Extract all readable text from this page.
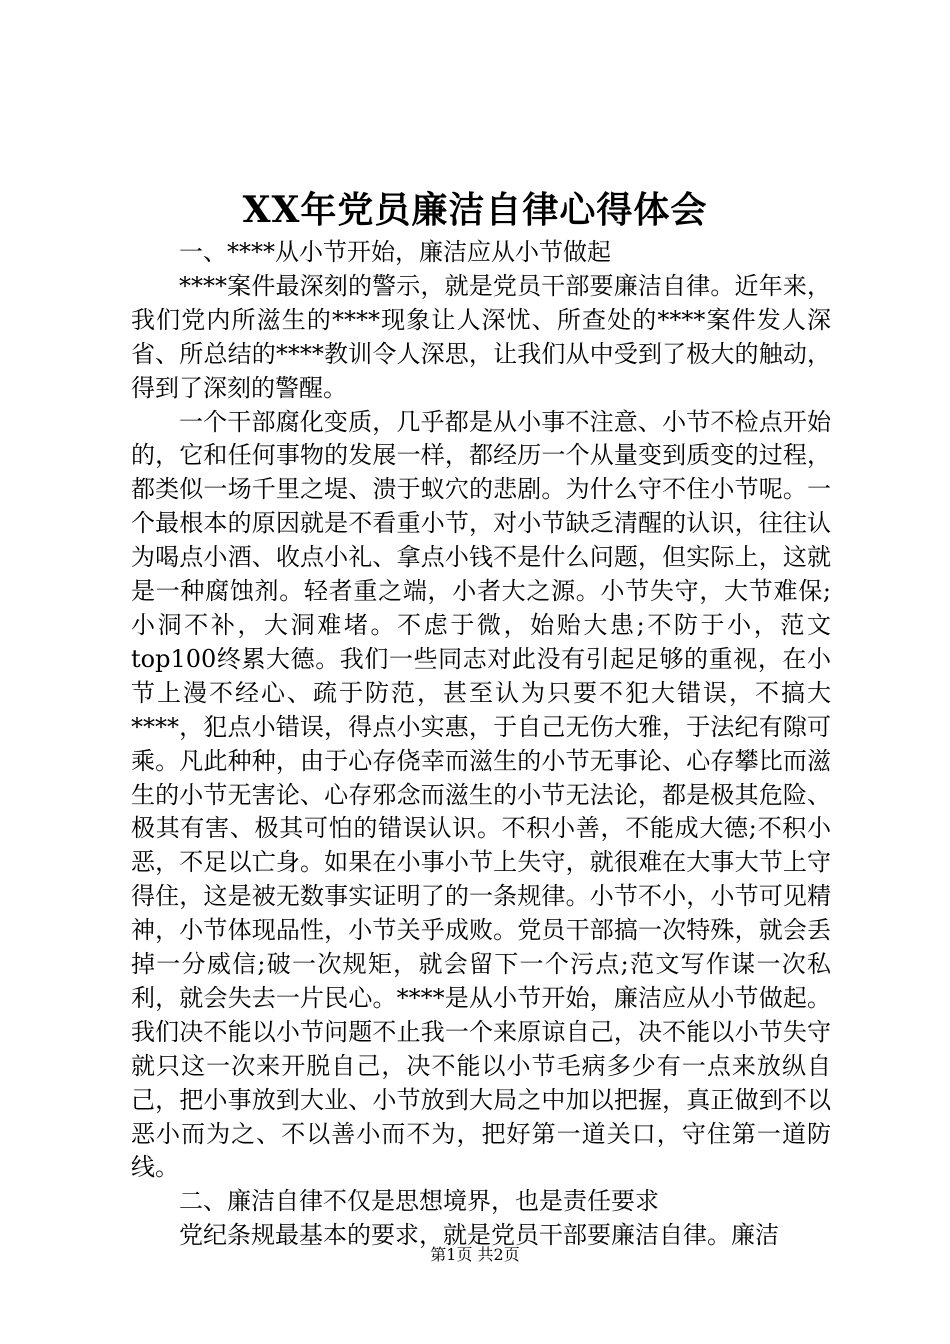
XX年党员廉洁自律心得体会

一、****从小节开始，廉洁应从小节做起

****案件最深刻的警示，就是党员干部要廉洁自律。近年来，我们党内所滋生的****现象让人深忧、所查处的****案件发人深省、所总结的****教训令人深思，让我们从中受到了极大的触动，得到了深刻的警醒。

一个干部腐化变质，几乎都是从小事不注意、小节不检点开始的，它和任何事物的发展一样，都经历一个从量变到质变的过程，都类似一场千里之堤、溃于蚁穴的悲剧。为什么守不住小节呢。一个最根本的原因就是不看重小节，对小节缺乏清醒的认识，往往认为喝点小酒、收点小礼、拿点小钱不是什么问题，但实际上，这就是一种腐蚀剂。轻者重之端，小者大之源。小节失守，大节难保;小洞不补，大洞难堵。不虑于微，始贻大患;不防于小，范文top100终累大德。我们一些同志对此没有引起足够的重视，在小节上漫不经心、疏于防范，甚至认为只要不犯大错误，不搞大****，犯点小错误，得点小实惠，于自己无伤大雅，于法纪有隙可乘。凡此种种，由于心存侥幸而滋生的小节无事论、心存攀比而滋生的小节无害论、心存邪念而滋生的小节无法论，都是极其危险、极其有害、极其可怕的错误认识。不积小善，不能成大德;不积小恶，不足以亡身。如果在小事小节上失守，就很难在大事大节上守得住，这是被无数事实证明了的一条规律。小节不小，小节可见精神，小节体现品性，小节关乎成败。党员干部搞一次特殊，就会丢掉一分威信;破一次规矩，就会留下一个污点;范文写作谋一次私利，就会失去一片民心。****是从小节开始，廉洁应从小节做起。我们决不能以小节问题不止我一个来原谅自己，决不能以小节失守就只这一次来开脱自己，决不能以小节毛病多少有一点来放纵自己，把小事放到大业、小节放到大局之中加以把握，真正做到不以恶小而为之、不以善小而不为，把好第一道关口，守住第一道防线。

二、廉洁自律不仅是思想境界，也是责任要求

党纪条规最基本的要求，就是党员干部要廉洁自律。廉洁

第1页 共2页
